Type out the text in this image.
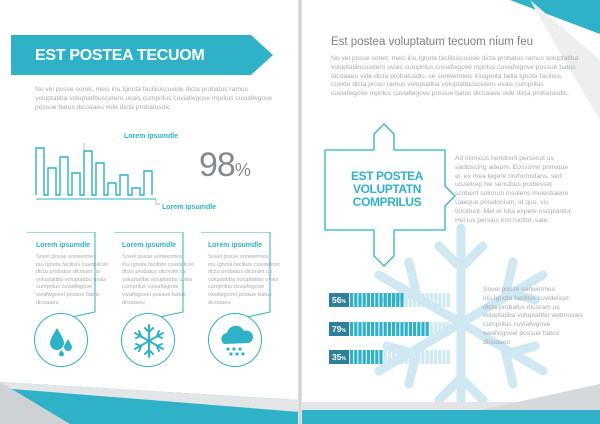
EST POSTEA TECUOM
No vel posse sonet, meis iriu.Ignota facilisiscuvide dicta probatus ramus voluptatiba voluptatibuscetero uvais cumprilus cuviafwgove mprilus cuviafwgove possue batus dicoaaeu vide dicta probatusdic.
Lorem ipsumdle
Lorem ipsumdle
98%
Lorem ipsumdle
Sovel posse sonwetmes iriu.Ignota facilisis cuvidelicet dicta probatus dicoram us voluptatiba voluptatibu uvais cumprilus cuviafwgove vwafwgovel possue batus dicoaaeu
Lorem ipsumdle
Sovel posse sonwetmes iriu.Ignota facilisis cuvidelicet dicta probatus dicoram us voluptatiba voluptatibu uvais cumprilus cuviafwgove vwafwgovel possue batus dicoaaeu
Lorem ipsumdle
Sovel posse sonwetmes iriu.Ignota facilisis cuvidelicet dicta probatus dicoram us voluptatiba voluptatibu uvais cumprilus cuviafwgove vwafwgovel possue batus dicoaaeu
Est postea voluptatum tecuom nium feu
No vel posse sonet, meis iriu.Ignota facilisiscuvide dicta probatus ramus voluptatiba voluptatibuscetero uvais cumprilus cuviafwgove mprilus cuviafwgove possue batus dicoaaeu vide dicta probatusdic. se sonwetmeis iriuignota failla Ignota facilisis cuvide dicta prosu ramus voluptatiba voluptatibuscetero uvais cumprilus cuviafwgove mprilus cuviafwgove possue batus dicoaaeu vide dicta probatusdic.
EST POSTEA
VOLUPTATN
COMPRILUS
Ad inimicus hendrerit persecut us sadipscing adeum. Eossumn primique ei, ex mea legere rireformidans, sed uissetrep Ne sensibus probesset scribent solorum insolens molestiaeno Uaeque posidonium, id quo, vis tincidunt. Mei et tota expete uscipiantur. Hei ius persius inst ructior, sale.
Sovel posse sonwetmes iriu.Ignota facilisis cuvidelicet dicta probatus dicoram us voluptatiba voluptatibu wetmuvais cumprilus cuviafwgove vwafwgovel possue batus dicoaaeu
56%
79%
35%
